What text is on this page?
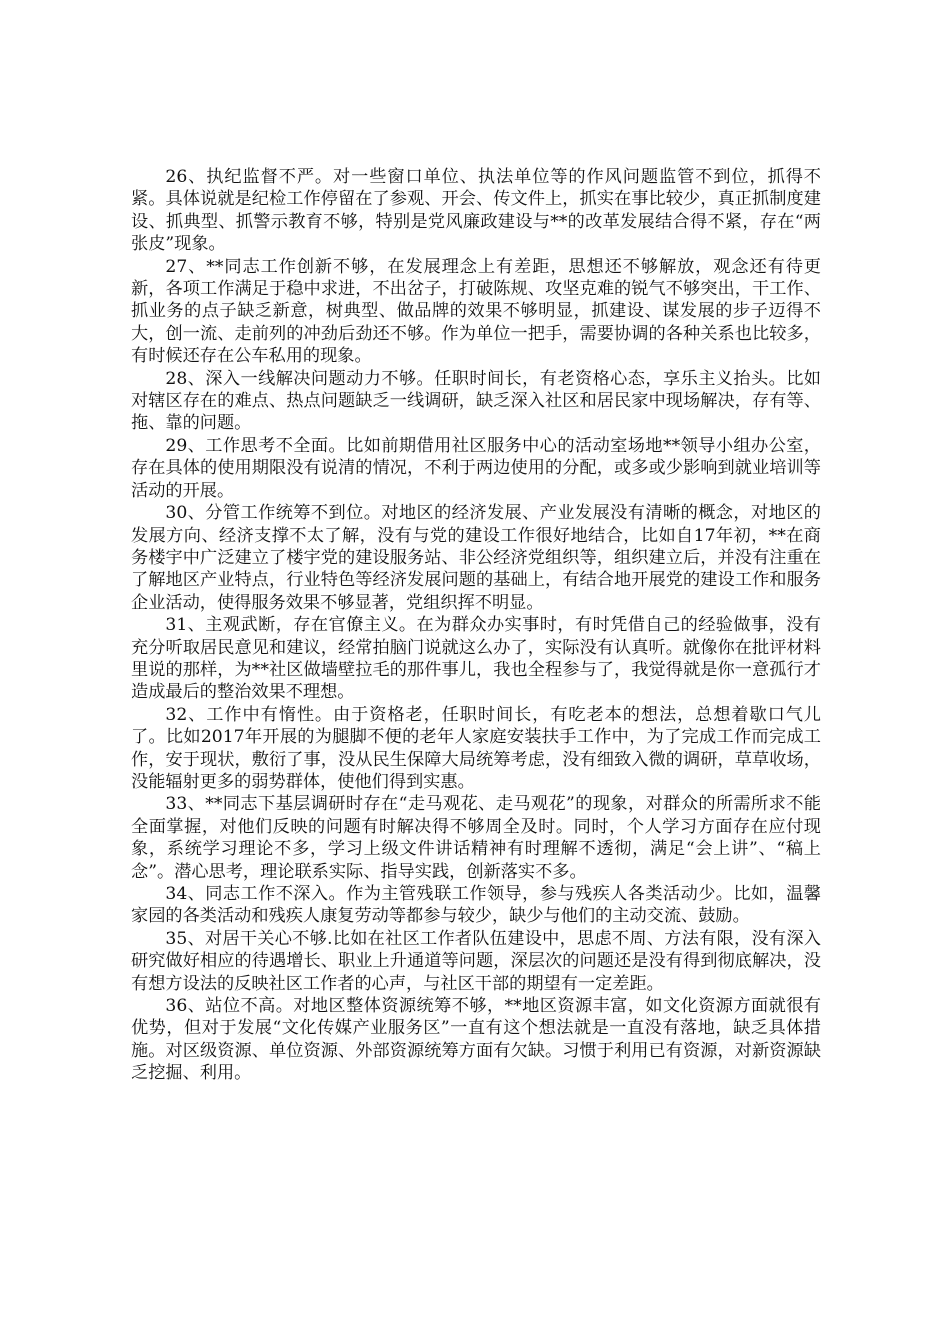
26、执纪监督不严。对一些窗口单位、执法单位等的作风问题监管不到位，抓得不紧。具体说就是纪检工作停留在了参观、开会、传文件上，抓实在事比较少，真正抓制度建设、抓典型、抓警示教育不够，特别是党风廉政建设与**的改革发展结合得不紧，存在“两张皮”现象。

27、**同志工作创新不够，在发展理念上有差距，思想还不够解放，观念还有待更新，各项工作满足于稳中求进，不出岔子，打破陈规、攻坚克难的锐气不够突出，干工作、抓业务的点子缺乏新意，树典型、做品牌的效果不够明显，抓建设、谋发展的步子迈得不大，创一流、走前列的冲劲后劲还不够。作为单位一把手，需要协调的各种关系也比较多，有时候还存在公车私用的现象。

28、深入一线解决问题动力不够。任职时间长，有老资格心态，享乐主义抬头。比如对辖区存在的难点、热点问题缺乏一线调研，缺乏深入社区和居民家中现场解决，存有等、拖、靠的问题。

29、工作思考不全面。比如前期借用社区服务中心的活动室场地**领导小组办公室，存在具体的使用期限没有说清的情况，不利于两边使用的分配，或多或少影响到就业培训等活动的开展。

30、分管工作统筹不到位。对地区的经济发展、产业发展没有清晰的概念，对地区的发展方向、经济支撑不太了解，没有与党的建设工作很好地结合，比如自17年初，**在商务楼宇中广泛建立了楼宇党的建设服务站、非公经济党组织等，组织建立后，并没有注重在了解地区产业特点，行业特色等经济发展问题的基础上，有结合地开展党的建设工作和服务企业活动，使得服务效果不够显著，党组织挥不明显。

31、主观武断，存在官僚主义。在为群众办实事时，有时凭借自己的经验做事，没有充分听取居民意见和建议，经常拍脑门说就这么办了，实际没有认真听。就像你在批评材料里说的那样，为**社区做墙壁拉毛的那件事儿，我也全程参与了，我觉得就是你一意孤行才造成最后的整治效果不理想。

32、工作中有惰性。由于资格老，任职时间长，有吃老本的想法，总想着歇口气儿了。比如2017年开展的为腿脚不便的老年人家庭安装扶手工作中，为了完成工作而完成工作，安于现状，敷衍了事，没从民生保障大局统筹考虑，没有细致入微的调研，草草收场，没能辐射更多的弱势群体，使他们得到实惠。

33、**同志下基层调研时存在“走马观花、走马观花”的现象，对群众的所需所求不能全面掌握，对他们反映的问题有时解决得不够周全及时。同时，个人学习方面存在应付现象，系统学习理论不多，学习上级文件讲话精神有时理解不透彻，满足“会上讲”、“稿上念”。潜心思考，理论联系实际、指导实践，创新落实不多。

34、同志工作不深入。作为主管残联工作领导，参与残疾人各类活动少。比如，温馨家园的各类活动和残疾人康复劳动等都参与较少，缺少与他们的主动交流、鼓励。

35、对居干关心不够.比如在社区工作者队伍建设中，思虑不周、方法有限，没有深入研究做好相应的待遇增长、职业上升通道等问题，深层次的问题还是没有得到彻底解决，没有想方设法的反映社区工作者的心声，与社区干部的期望有一定差距。

36、站位不高。对地区整体资源统筹不够，**地区资源丰富，如文化资源方面就很有优势，但对于发展“文化传媒产业服务区”一直有这个想法就是一直没有落地，缺乏具体措施。对区级资源、单位资源、外部资源统筹方面有欠缺。习惯于利用已有资源，对新资源缺乏挖掘、利用。
